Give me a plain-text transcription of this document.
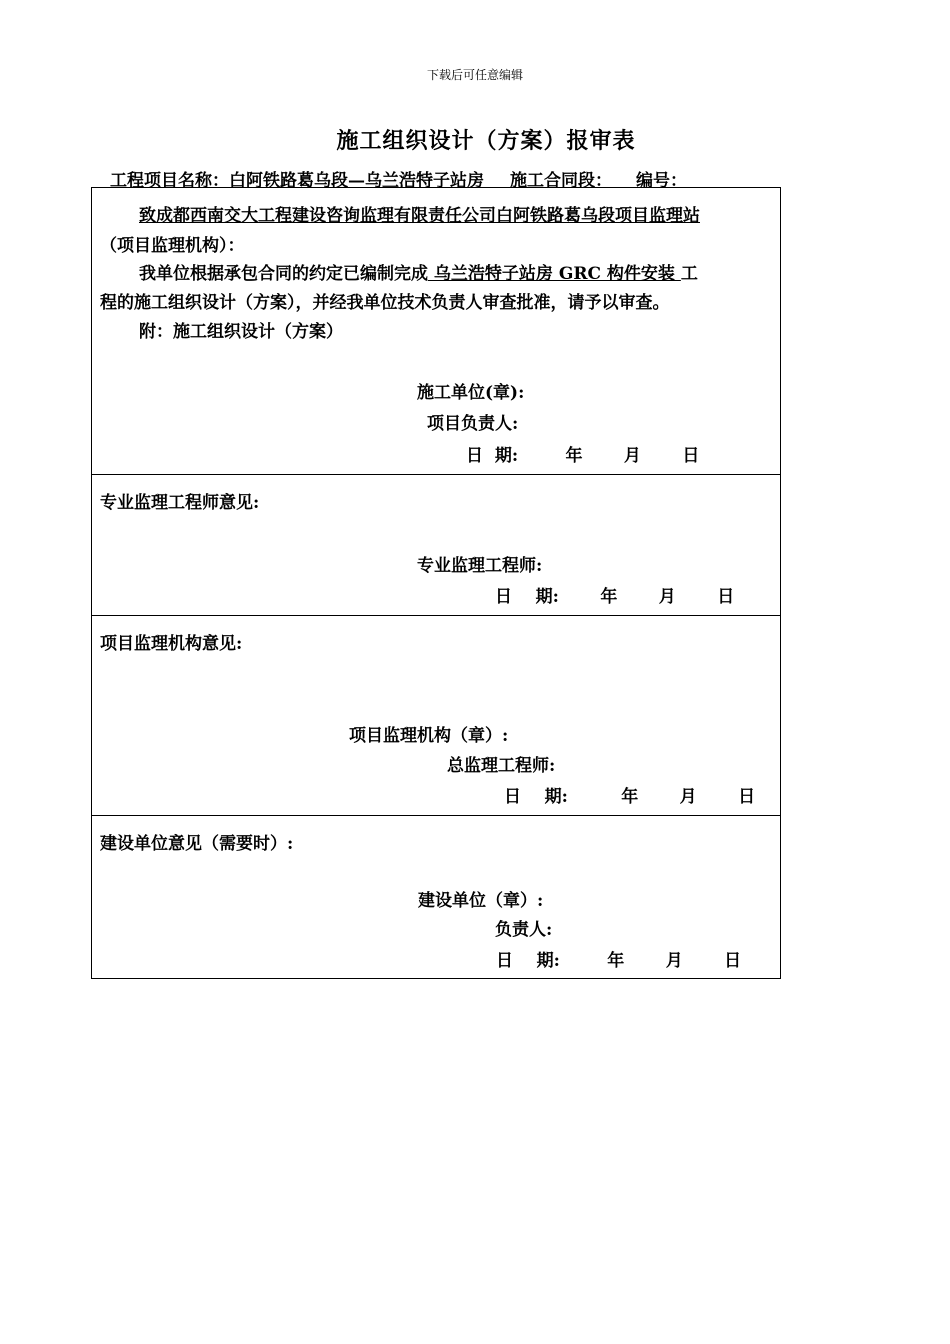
下载后可任意编辑
施工组织设计（方案）报审表
工程项目名称：白阿铁路葛乌段—乌兰浩特子站房 施工合同段： 编号：
致成都西南交大工程建设咨询监理有限责任公司白阿铁路葛乌段项目监理站
（项目监理机构）：
我单位根据承包合同的约定已编制完成 乌兰浩特子站房 GRC 构件安装 工
程的施工组织设计（方案），并经我单位技术负责人审查批准，请予以审查。
附：施工组织设计（方案）
施工单位(章):
项目负责人:
日  期:        年       月       日
专业监理工程师意见:
专业监理工程师:
日    期:       年       月       日
项目监理机构意见:
项目监理机构（章）:
总监理工程师:
日    期:         年       月       日
建设单位意见（需要时）:
建设单位（章）:
负责人:
日    期:        年       月       日
